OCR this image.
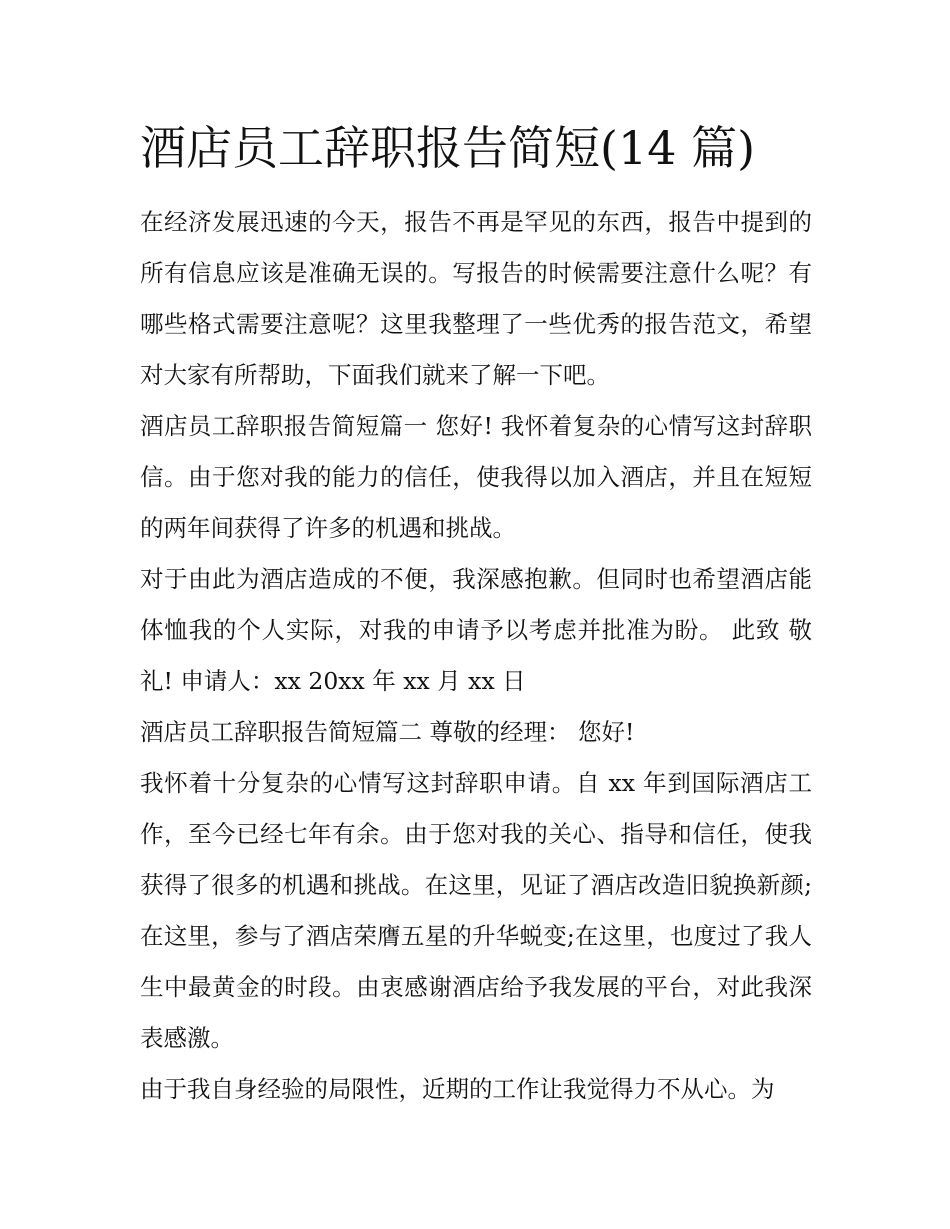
酒店员工辞职报告简短(14 篇)

在经济发展迅速的今天，报告不再是罕见的东西，报告中提到的所有信息应该是准确无误的。写报告的时候需要注意什么呢？有哪些格式需要注意呢？这里我整理了一些优秀的报告范文，希望对大家有所帮助，下面我们就来了解一下吧。

酒店员工辞职报告简短篇一 您好! 我怀着复杂的心情写这封辞职信。由于您对我的能力的信任，使我得以加入酒店，并且在短短的两年间获得了许多的机遇和挑战。

对于由此为酒店造成的不便，我深感抱歉。但同时也希望酒店能体恤我的个人实际，对我的申请予以考虑并批准为盼。 此致 敬礼! 申请人：xx 20xx 年 xx 月 xx 日

酒店员工辞职报告简短篇二 尊敬的经理： 您好!

我怀着十分复杂的心情写这封辞职申请。自 xx 年到国际酒店工作，至今已经七年有余。由于您对我的关心、指导和信任，使我获得了很多的机遇和挑战。在这里，见证了酒店改造旧貌换新颜;在这里，参与了酒店荣膺五星的升华蜕变;在这里，也度过了我人生中最黄金的时段。由衷感谢酒店给予我发展的平台，对此我深表感激。

由于我自身经验的局限性，近期的工作让我觉得力不从心。为
